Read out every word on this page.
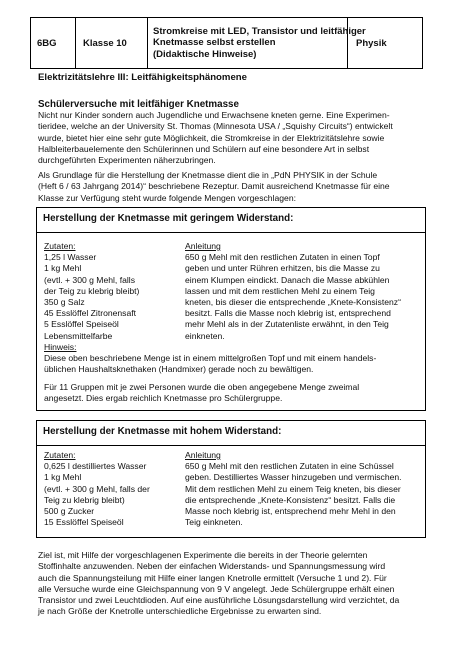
6BG	Klasse 10
Stromkreise mit LED, Transistor und leitfähiger
Knetmasse selbst erstellen
(Didaktische Hinweise)
Physik
Elektrizitätslehre III: Leitfähigkeitsphänomene
Schülerversuche mit leitfähiger Knetmasse
Nicht nur Kinder sondern auch Jugendliche und Erwachsene kneten gerne. Eine Experimen-
tieridee, welche an der University St. Thomas (Minnesota USA / „Squishy Circuits“) entwickelt
wurde, bietet hier eine sehr gute Möglichkeit, die Stromkreise in der Elektrizitätslehre sowie
Halbleiterbauelemente den Schülerinnen und Schülern auf eine besondere Art in selbst
durchgeführten Experimenten näherzubringen.
Als Grundlage für die Herstellung der Knetmasse dient die in „PdN PHYSIK in der Schule
(Heft 6 / 63 Jahrgang 2014)“ beschriebene Rezeptur. Damit ausreichend Knetmasse für eine
Klasse zur Verfügung steht wurde folgende Mengen vorgeschlagen:
Herstellung der Knetmasse mit geringem Widerstand:
Zutaten:
1,25 l Wasser
1 kg Mehl
(evtl. + 300 g Mehl, falls
der Teig zu klebrig bleibt)
350 g Salz
45 Esslöffel Zitronensaft
5 Esslöffel Speiseöl
Lebensmittelfarbe
Anleitung
650 g Mehl mit den restlichen Zutaten in einen Topf
geben und unter Rühren erhitzen, bis die Masse zu
einem Klumpen eindickt. Danach die Masse abkühlen
lassen und mit dem restlichen Mehl zu einem Teig
kneten, bis dieser die entsprechende „Knete-Konsistenz“
besitzt. Falls die Masse noch klebrig ist, entsprechend
mehr Mehl als in der Zutatenliste erwähnt, in den Teig
einkneten.
Hinweis:
Diese oben beschriebene Menge ist in einem mittelgroßen Topf und mit einem handels-
üblichen Haushaltsknethaken (Handmixer) gerade noch zu bewältigen.
Für 11 Gruppen mit je zwei Personen wurde die oben angegebene Menge zweimal
angesetzt. Dies ergab reichlich Knetmasse pro Schülergruppe.
Herstellung der Knetmasse mit hohem Widerstand:
Zutaten:
0,625 l destilliertes Wasser
1 kg Mehl
(evtl. + 300 g Mehl, falls der
Teig zu klebrig bleibt)
500 g Zucker
15 Esslöffel Speiseöl
Anleitung
650 g Mehl mit den restlichen Zutaten in eine Schüssel
geben. Destilliertes Wasser hinzugeben und vermischen.
Mit dem restlichen Mehl zu einem Teig kneten, bis dieser
die entsprechende „Knete-Konsistenz“ besitzt. Falls die
Masse noch klebrig ist, entsprechend mehr Mehl in den
Teig einkneten.
Ziel ist, mit Hilfe der vorgeschlagenen Experimente die bereits in der Theorie gelernten
Stoffinhalte anzuwenden. Neben der einfachen Widerstands- und Spannungsmessung wird
auch die Spannungsteilung mit Hilfe einer langen Knetrolle ermittelt (Versuche 1 und 2). Für
alle Versuche wurde eine Gleichspannung von 9 V angelegt. Jede Schülergruppe erhält einen
Transistor und zwei Leuchtdioden. Auf eine ausführliche Lösungsdarstellung wird verzichtet, da
je nach Größe der Knetrolle unterschiedliche Ergebnisse zu erwarten sind.
